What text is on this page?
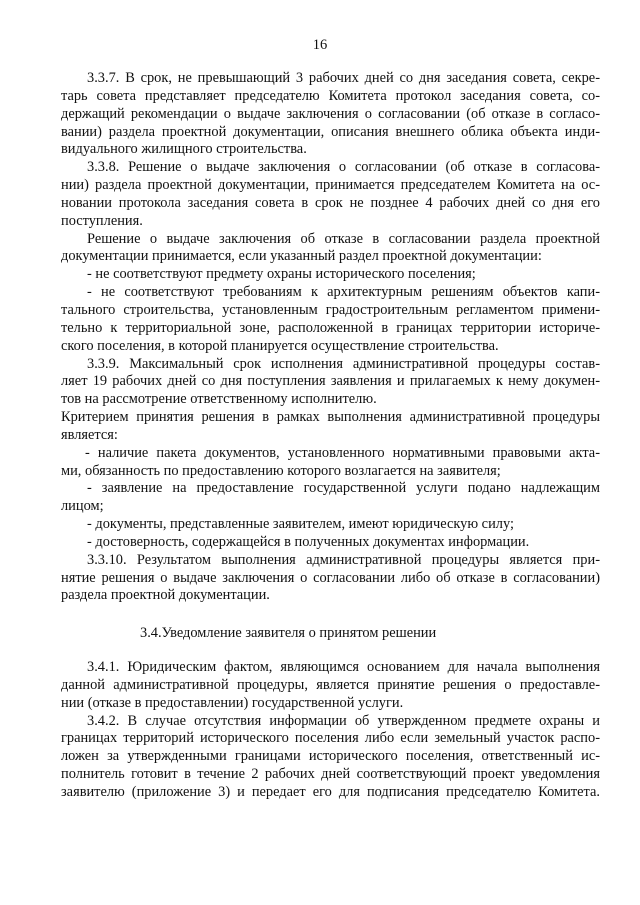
16
3.3.7. В срок, не превышающий 3 рабочих дней со дня заседания совета, секре-
тарь совета представляет председателю Комитета протокол заседания совета, со-
держащий рекомендации о выдаче заключения о согласовании (об отказе в согласо-
вании) раздела проектной документации, описания внешнего облика объекта инди-
видуального жилищного строительства.
3.3.8. Решение о выдаче заключения о согласовании (об отказе в согласова-
нии) раздела проектной документации, принимается председателем Комитета на ос-
новании протокола заседания совета в срок не позднее 4 рабочих дней со дня его
поступления.
Решение о выдаче заключения об отказе в согласовании раздела проектной
документации принимается, если указанный раздел проектной документации:
- не соответствуют предмету охраны исторического поселения;
- не соответствуют требованиям к архитектурным решениям объектов капи-
тального строительства, установленным градостроительным регламентом примени-
тельно к территориальной зоне, расположенной в границах территории историче-
ского поселения, в которой планируется осуществление строительства.
3.3.9. Максимальный срок исполнения административной процедуры состав-
ляет 19 рабочих дней со дня поступления заявления и прилагаемых к нему докумен-
тов на рассмотрение ответственному исполнителю.
Критерием принятия решения в рамках выполнения административной процедуры
является:
- наличие пакета документов, установленного нормативными правовыми акта-
ми, обязанность по предоставлению которого возлагается на заявителя;
- заявление на предоставление государственной услуги подано надлежащим
лицом;
- документы, представленные заявителем, имеют юридическую силу;
- достоверность, содержащейся в полученных документах информации.
3.3.10. Результатом выполнения административной процедуры является при-
нятие решения о выдаче заключения о согласовании либо об отказе в согласовании)
раздела проектной документации.
3.4.Уведомление заявителя о принятом решении
3.4.1. Юридическим фактом, являющимся основанием для начала выполнения
данной административной процедуры, является принятие решения о предоставле-
нии (отказе в предоставлении) государственной услуги.
3.4.2. В случае отсутствия информации об утвержденном предмете охраны и
границах территорий исторического поселения либо если земельный участок распо-
ложен за утвержденными границами исторического поселения, ответственный ис-
полнитель готовит в течение 2 рабочих дней соответствующий проект уведомления
заявителю (приложение 3) и передает его для подписания председателю Комитета.
